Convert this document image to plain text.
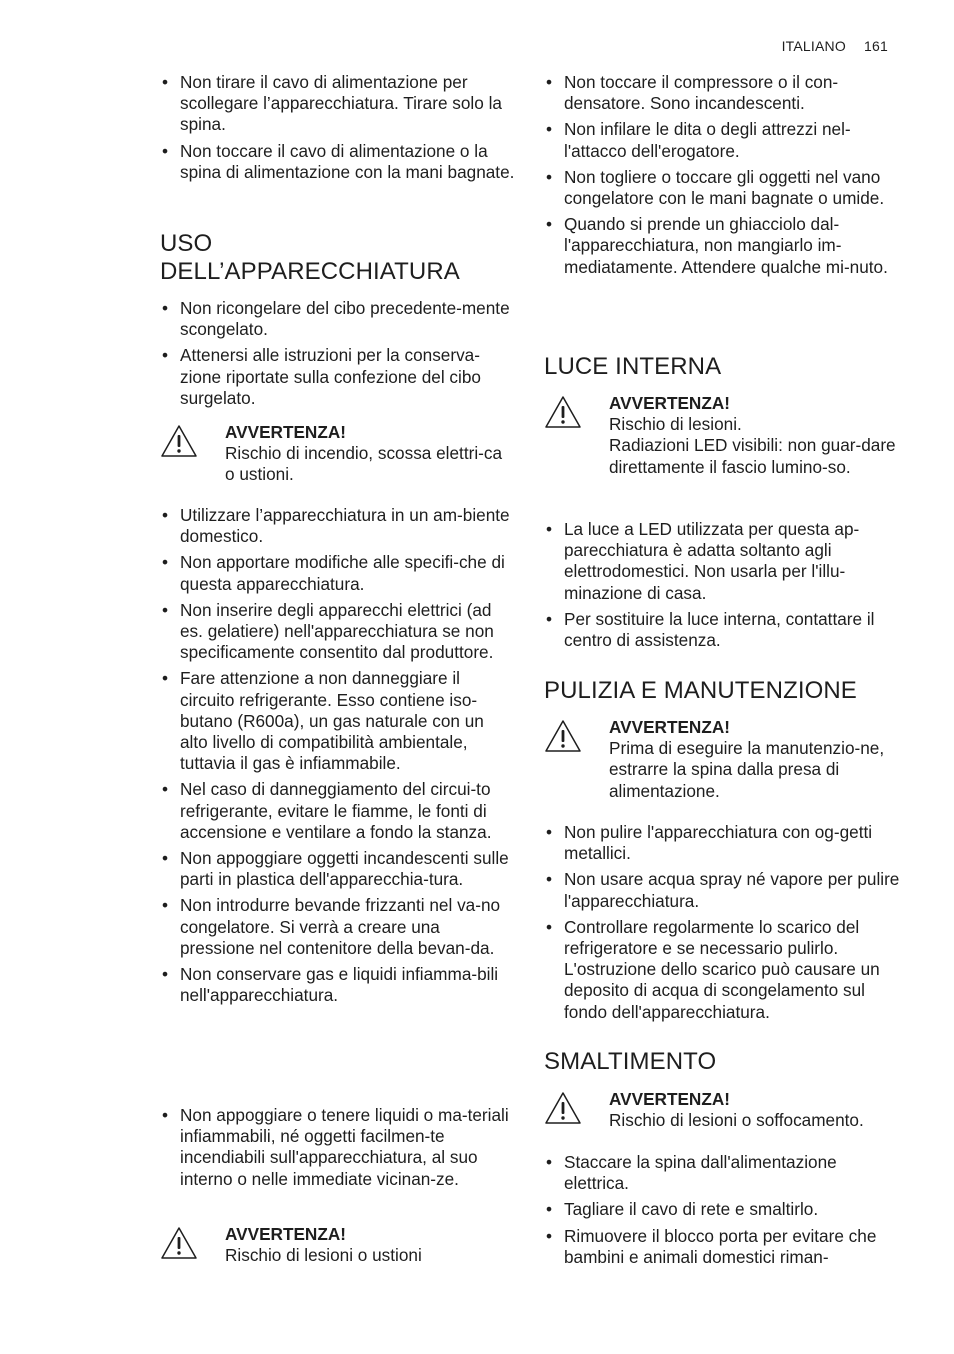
ITALIANO 161
• Non tirare il cavo di alimentazione per scollegare l’apparecchiatura. Tirare solo la spina.
• Non toccare il cavo di alimentazione o la spina di alimentazione con la mani bagnate.
USO
DELL’APPARECCHIATURA
• Non ricongelare del cibo precedente-mente scongelato.
• Attenersi alle istruzioni per la conserva-zione riportate sulla confezione del cibo surgelato.
AVVERTENZA!
Rischio di incendio, scossa elettri-ca o ustioni.
• Utilizzare l’apparecchiatura in un am-biente domestico.
• Non apportare modifiche alle specifi-che di questa apparecchiatura.
• Non inserire degli apparecchi elettrici (ad es. gelatiere) nell'apparecchiatura se non specificamente consentito dal produttore.
• Fare attenzione a non danneggiare il circuito refrigerante. Esso contiene iso-butano (R600a), un gas naturale con un alto livello di compatibilità ambientale, tuttavia il gas è infiammabile.
• Nel caso di danneggiamento del circui-to refrigerante, evitare le fiamme, le fonti di accensione e ventilare a fondo la stanza.
• Non appoggiare oggetti incandescenti sulle parti in plastica dell'apparecchia-tura.
• Non introdurre bevande frizzanti nel va-no congelatore. Si verrà a creare una pressione nel contenitore della bevan-da.
• Non conservare gas e liquidi infiamma-bili nell'apparecchiatura.
• Non appoggiare o tenere liquidi o ma-teriali infiammabili, né oggetti facilmen-te incendiabili sull'apparecchiatura, al suo interno o nelle immediate vicinan-ze.
AVVERTENZA!
Rischio di lesioni o ustioni
• Non toccare il compressore o il con-densatore. Sono incandescenti.
• Non infilare le dita o degli attrezzi nel-l'attacco dell'erogatore.
• Non togliere o toccare gli oggetti nel vano congelatore con le mani bagnate o umide.
• Quando si prende un ghiacciolo dal-l'apparecchiatura, non mangiarlo im-mediatamente. Attendere qualche mi-nuto.
LUCE INTERNA
AVVERTENZA!
Rischio di lesioni.
Radiazioni LED visibili: non guar-dare direttamente il fascio lumino-so.
• La luce a LED utilizzata per questa ap-parecchiatura è adatta soltanto agli elettrodomestici. Non usarla per l'illu-minazione di casa.
• Per sostituire la luce interna, contattare il centro di assistenza.
PULIZIA E MANUTENZIONE
AVVERTENZA!
Prima di eseguire la manutenzio-ne, estrarre la spina dalla presa di alimentazione.
• Non pulire l'apparecchiatura con og-getti metallici.
• Non usare acqua spray né vapore per pulire l'apparecchiatura.
• Controllare regolarmente lo scarico del refrigeratore e se necessario pulirlo. L'ostruzione dello scarico può causare un deposito di acqua di scongelamento sul fondo dell'apparecchiatura.
SMALTIMENTO
AVVERTENZA!
Rischio di lesioni o soffocamento.
• Staccare la spina dall'alimentazione elettrica.
• Tagliare il cavo di rete e smaltirlo.
• Rimuovere il blocco porta per evitare che bambini e animali domestici riman-
